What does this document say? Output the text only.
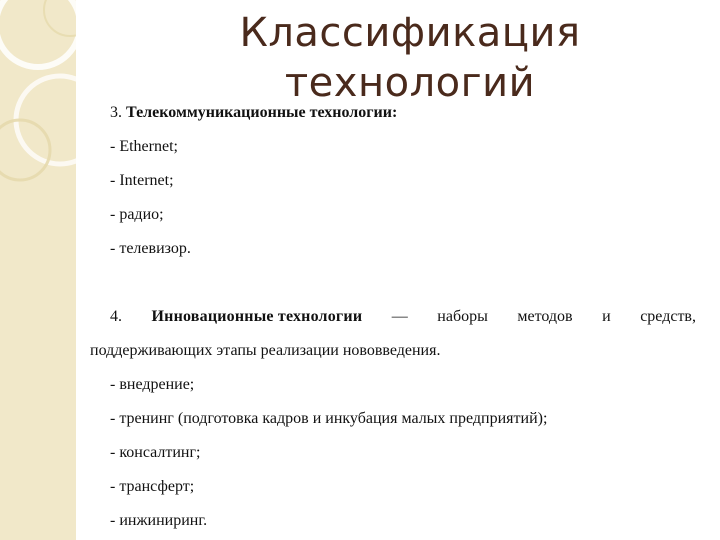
Классификация
технологий
3. Телекоммуникационные технологии:
- Ethernet;
- Internet;
- радио;
- телевизор.
4. Инновационные технологии — наборы методов и средств,
поддерживающих этапы реализации нововведения.
- внедрение;
- тренинг (подготовка кадров и инкубация малых предприятий);
- консалтинг;
- трансферт;
- инжиниринг.
